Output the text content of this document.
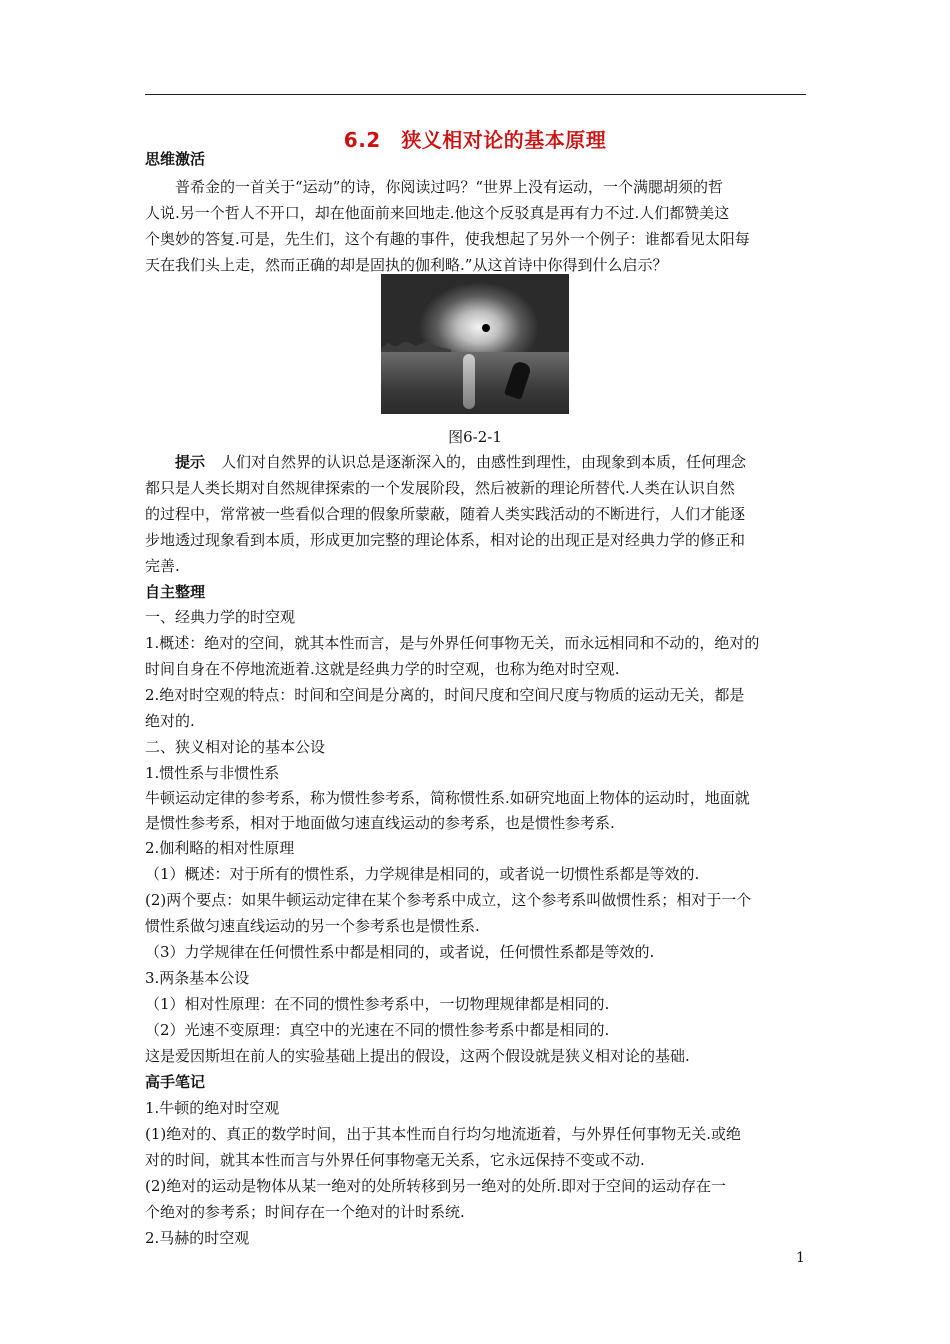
6.2　狭义相对论的基本原理
思维激活
普希金的一首关于“运动”的诗，你阅读过吗？“世界上没有运动，一个满腮胡须的哲
人说.另一个哲人不开口，却在他面前来回地走.他这个反驳真是再有力不过.人们都赞美这
个奥妙的答复.可是，先生们，这个有趣的事件，使我想起了另外一个例子：谁都看见太阳每
天在我们头上走，然而正确的却是固执的伽利略.”从这首诗中你得到什么启示？
图6-2-1
提示 人们对自然界的认识总是逐渐深入的，由感性到理性，由现象到本质，任何理念
都只是人类长期对自然规律探索的一个发展阶段，然后被新的理论所替代.人类在认识自然
的过程中，常常被一些看似合理的假象所蒙蔽，随着人类实践活动的不断进行，人们才能逐
步地透过现象看到本质，形成更加完整的理论体系，相对论的出现正是对经典力学的修正和
完善.
自主整理
一、经典力学的时空观
1.概述：绝对的空间，就其本性而言，是与外界任何事物无关，而永远相同和不动的，绝对的
时间自身在不停地流逝着.这就是经典力学的时空观，也称为绝对时空观.
2.绝对时空观的特点：时间和空间是分离的，时间尺度和空间尺度与物质的运动无关，都是
绝对的.
二、狭义相对论的基本公设
1.惯性系与非惯性系
牛顿运动定律的参考系，称为惯性参考系，简称惯性系.如研究地面上物体的运动时，地面就
是惯性参考系，相对于地面做匀速直线运动的参考系，也是惯性参考系.
2.伽利略的相对性原理
（1）概述：对于所有的惯性系，力学规律是相同的，或者说一切惯性系都是等效的.
(2)两个要点：如果牛顿运动定律在某个参考系中成立，这个参考系叫做惯性系；相对于一个
惯性系做匀速直线运动的另一个参考系也是惯性系.
（3）力学规律在任何惯性系中都是相同的，或者说，任何惯性系都是等效的.
3.两条基本公设
（1）相对性原理：在不同的惯性参考系中，一切物理规律都是相同的.
（2）光速不变原理：真空中的光速在不同的惯性参考系中都是相同的.
这是爱因斯坦在前人的实验基础上提出的假设，这两个假设就是狭义相对论的基础.
高手笔记
1.牛顿的绝对时空观
(1)绝对的、真正的数学时间，出于其本性而自行均匀地流逝着，与外界任何事物无关.或绝
对的时间，就其本性而言与外界任何事物毫无关系，它永远保持不变或不动.
(2)绝对的运动是物体从某一绝对的处所转移到另一绝对的处所.即对于空间的运动存在一
个绝对的参考系；时间存在一个绝对的计时系统.
2.马赫的时空观
1
